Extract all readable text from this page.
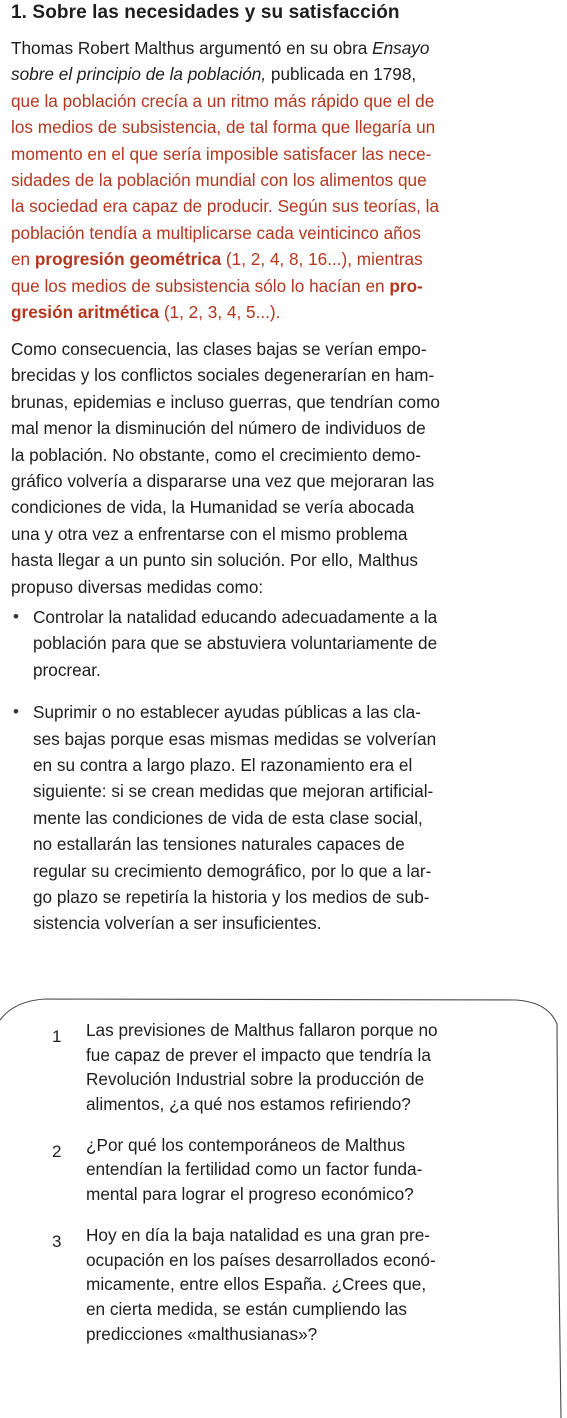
1. Sobre las necesidades y su satisfacción
Thomas Robert Malthus argumentó en su obra Ensayo
sobre el principio de la población, publicada en 1798,
que la población crecía a un ritmo más rápido que el de
los medios de subsistencia, de tal forma que llegaría un
momento en el que sería imposible satisfacer las nece-
sidades de la población mundial con los alimentos que
la sociedad era capaz de producir. Según sus teorías, la
población tendía a multiplicarse cada veinticinco años
en progresión geométrica (1, 2, 4, 8, 16...), mientras
que los medios de subsistencia sólo lo hacían en pro-
gresión aritmética (1, 2, 3, 4, 5...).
Como consecuencia, las clases bajas se verían empo-
brecidas y los conflictos sociales degenerarían en ham-
brunas, epidemias e incluso guerras, que tendrían como
mal menor la disminución del número de individuos de
la población. No obstante, como el crecimiento demo-
gráfico volvería a dispararse una vez que mejoraran las
condiciones de vida, la Humanidad se vería abocada
una y otra vez a enfrentarse con el mismo problema
hasta llegar a un punto sin solución. Por ello, Malthus
propuso diversas medidas como:
• Controlar la natalidad educando adecuadamente a la
población para que se abstuviera voluntariamente de
procrear.
• Suprimir o no establecer ayudas públicas a las cla-
ses bajas porque esas mismas medidas se volverían
en su contra a largo plazo. El razonamiento era el
siguiente: si se crean medidas que mejoran artificial-
mente las condiciones de vida de esta clase social,
no estallarán las tensiones naturales capaces de
regular su crecimiento demográfico, por lo que a lar-
go plazo se repetiría la historia y los medios de sub-
sistencia volverían a ser insuficientes.
1	Las previsiones de Malthus fallaron porque no
fue capaz de prever el impacto que tendría la
Revolución Industrial sobre la producción de
alimentos, ¿a qué nos estamos refiriendo?
2	¿Por qué los contemporáneos de Malthus
entendían la fertilidad como un factor funda-
mental para lograr el progreso económico?
3	Hoy en día la baja natalidad es una gran pre-
ocupación en los países desarrollados econó-
micamente, entre ellos España. ¿Crees que,
en cierta medida, se están cumpliendo las
predicciones «malthusianas»?
